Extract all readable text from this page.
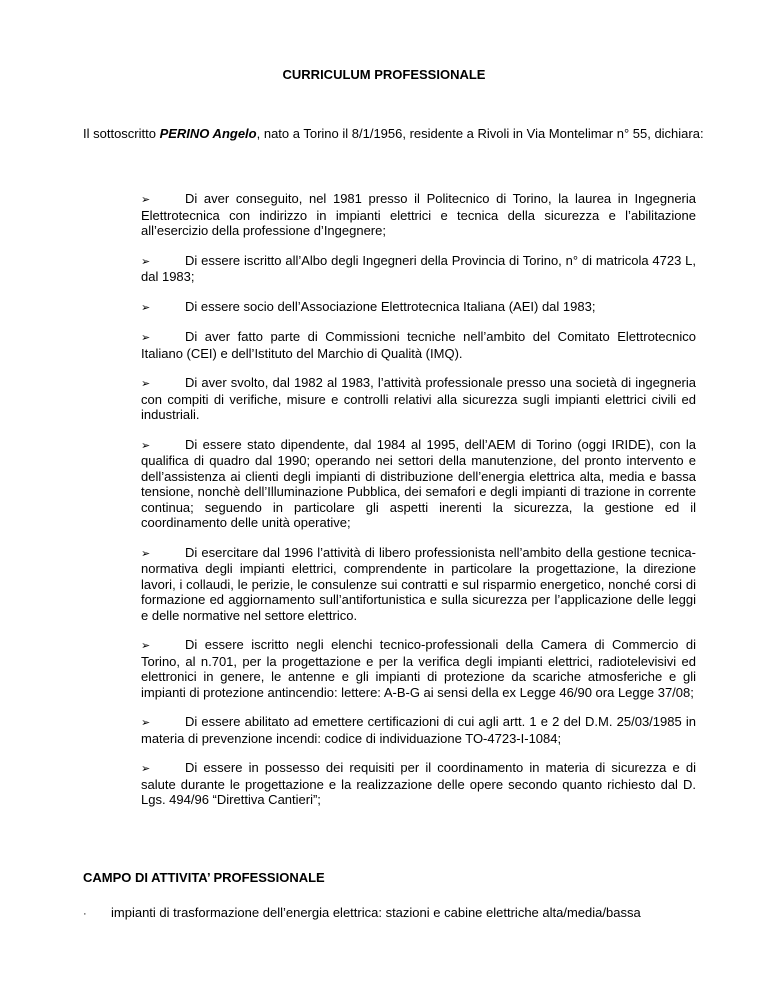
CURRICULUM PROFESSIONALE
Il sottoscritto PERINO Angelo, nato a Torino il 8/1/1956, residente a Rivoli in Via Montelimar n° 55, dichiara:
➢	Di aver conseguito, nel 1981 presso il Politecnico di Torino, la laurea in Ingegneria Elettrotecnica con indirizzo in impianti elettrici e tecnica della sicurezza e l’abilitazione all’esercizio della professione d’Ingegnere;
➢	Di essere iscritto all’Albo degli Ingegneri della Provincia di Torino, n° di matricola 4723 L, dal 1983;
➢	Di essere socio dell’Associazione Elettrotecnica Italiana (AEI) dal 1983;
➢	Di aver fatto parte di Commissioni tecniche nell’ambito del Comitato Elettrotecnico Italiano (CEI) e dell’Istituto del Marchio di Qualità (IMQ).
➢	Di aver svolto, dal 1982 al 1983, l’attività professionale presso una società di ingegneria con compiti di verifiche, misure e controlli relativi alla sicurezza sugli impianti elettrici civili ed industriali.
➢	Di essere stato dipendente, dal 1984 al 1995, dell’AEM di Torino (oggi IRIDE), con la qualifica di quadro dal 1990; operando nei settori della manutenzione, del pronto intervento e dell’assistenza ai clienti degli impianti di distribuzione dell’energia elettrica alta, media e bassa tensione, nonchè dell’Illuminazione Pubblica, dei semafori e degli impianti di trazione in corrente continua; seguendo in particolare gli aspetti inerenti la sicurezza, la gestione ed il coordinamento delle unità operative;
➢	Di esercitare dal 1996 l’attività di libero professionista nell’ambito della gestione tecnica-normativa degli impianti elettrici, comprendente in particolare la progettazione, la direzione lavori, i collaudi, le perizie, le consulenze sui contratti e sul risparmio energetico, nonché corsi di formazione ed aggiornamento sull’antifortunistica e sulla sicurezza per l’applicazione delle leggi e delle normative nel settore elettrico.
➢	Di essere iscritto negli elenchi tecnico-professionali della Camera di Commercio di Torino, al n.701, per la progettazione e per la verifica degli impianti elettrici, radiotelevisivi ed elettronici in genere, le antenne e gli impianti di protezione da scariche atmosferiche e gli impianti di protezione antincendio: lettere: A-B-G ai sensi della ex Legge 46/90 ora Legge 37/08;
➢	Di essere abilitato ad emettere certificazioni di cui agli artt. 1 e 2 del D.M. 25/03/1985 in materia di prevenzione incendi: codice di individuazione TO-4723-I-1084;
➢	Di essere in possesso dei requisiti per il coordinamento in materia di sicurezza e di salute durante le progettazione e la realizzazione delle opere secondo quanto richiesto dal D. Lgs. 494/96 “Direttiva Cantieri”;
CAMPO DI ATTIVITA’ PROFESSIONALE
· impianti di trasformazione dell’energia elettrica: stazioni e cabine elettriche alta/media/bassa
